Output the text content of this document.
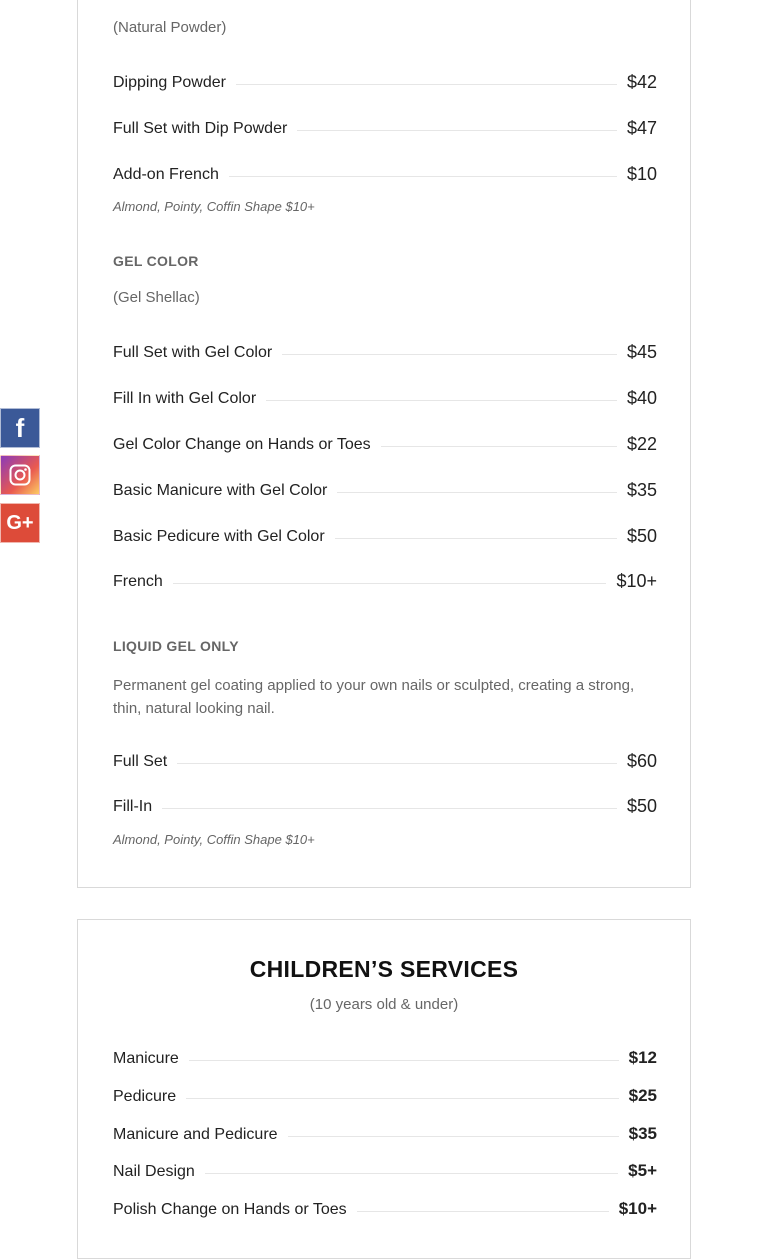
(Natural Powder)
Dipping Powder	$42
Full Set with Dip Powder	$47
Add-on French	$10
Almond, Pointy, Coffin Shape $10+
GEL COLOR
(Gel Shellac)
Full Set with Gel Color	$45
Fill In with Gel Color	$40
Gel Color Change on Hands or Toes	$22
Basic Manicure with Gel Color	$35
Basic Pedicure with Gel Color	$50
French	$10+
LIQUID GEL ONLY
Permanent gel coating applied to your own nails or sculpted, creating a strong,
thin, natural looking nail.
Full Set	$60
Fill-In	$50
Almond, Pointy, Coffin Shape $10+
CHILDREN’S SERVICES
(10 years old & under)
Manicure	$12
Pedicure	$25
Manicure and Pedicure	$35
Nail Design	$5+
Polish Change on Hands or Toes	$10+
f
G+
